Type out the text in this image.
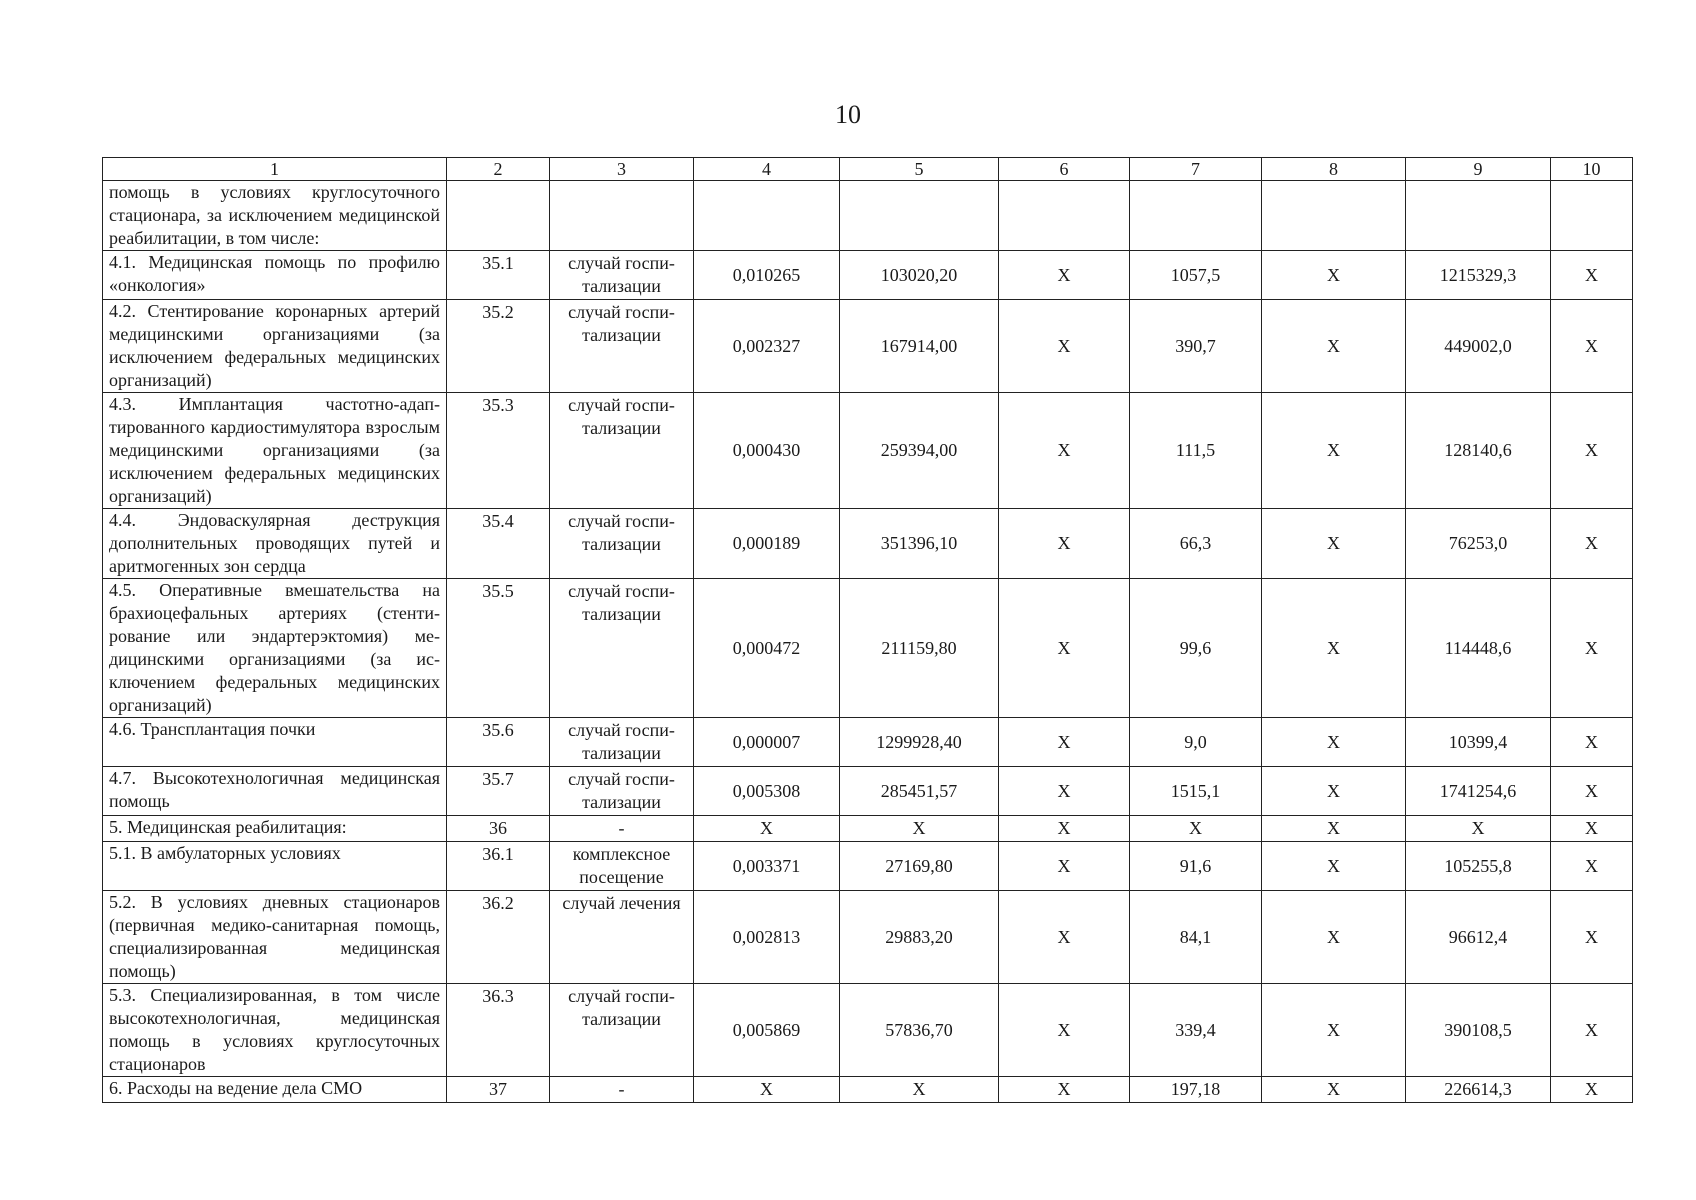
10
1	2	3	4	5	6	7	8	9	10
помощь в условиях круглосуточного стационара, за исключением медицинской реабилитации, в том числе:									
4.1. Медицинская помощь по профилю «онкология»	35.1	случай госпитализации	0,010265	103020,20	X	1057,5	X	1215329,3	X
4.2. Стентирование коронарных артерий медицинскими организациями (за исключением федеральных медицинских организаций)	35.2	случай госпитализации	0,002327	167914,00	X	390,7	X	449002,0	X
4.3. Имплантация частотно-адаптированного кардиостимулятора взрослым медицинскими организациями (за исключением федеральных медицинских организаций)	35.3	случай госпитализации	0,000430	259394,00	X	111,5	X	128140,6	X
4.4. Эндоваскулярная деструкция дополнительных проводящих путей и аритмогенных зон сердца	35.4	случай госпитализации	0,000189	351396,10	X	66,3	X	76253,0	X
4.5. Оперативные вмешательства на брахиоцефальных артериях (стентирование или эндартерэктомия) медицинскими организациями (за исключением федеральных медицинских организаций)	35.5	случай госпитализации	0,000472	211159,80	X	99,6	X	114448,6	X
4.6. Трансплантация почки	35.6	случай госпитализации	0,000007	1299928,40	X	9,0	X	10399,4	X
4.7. Высокотехнологичная медицинская помощь	35.7	случай госпитализации	0,005308	285451,57	X	1515,1	X	1741254,6	X
5. Медицинская реабилитация:	36	-	X	X	X	X	X	X	X
5.1. В амбулаторных условиях	36.1	комплексное посещение	0,003371	27169,80	X	91,6	X	105255,8	X
5.2. В условиях дневных стационаров (первичная медико-санитарная помощь, специализированная медицинская помощь)	36.2	случай лечения	0,002813	29883,20	X	84,1	X	96612,4	X
5.3. Специализированная, в том числе высокотехнологичная, медицинская помощь в условиях круглосуточных стационаров	36.3	случай госпитализации	0,005869	57836,70	X	339,4	X	390108,5	X
6. Расходы на ведение дела СМО	37	-	X	X	X	197,18	X	226614,3	X
